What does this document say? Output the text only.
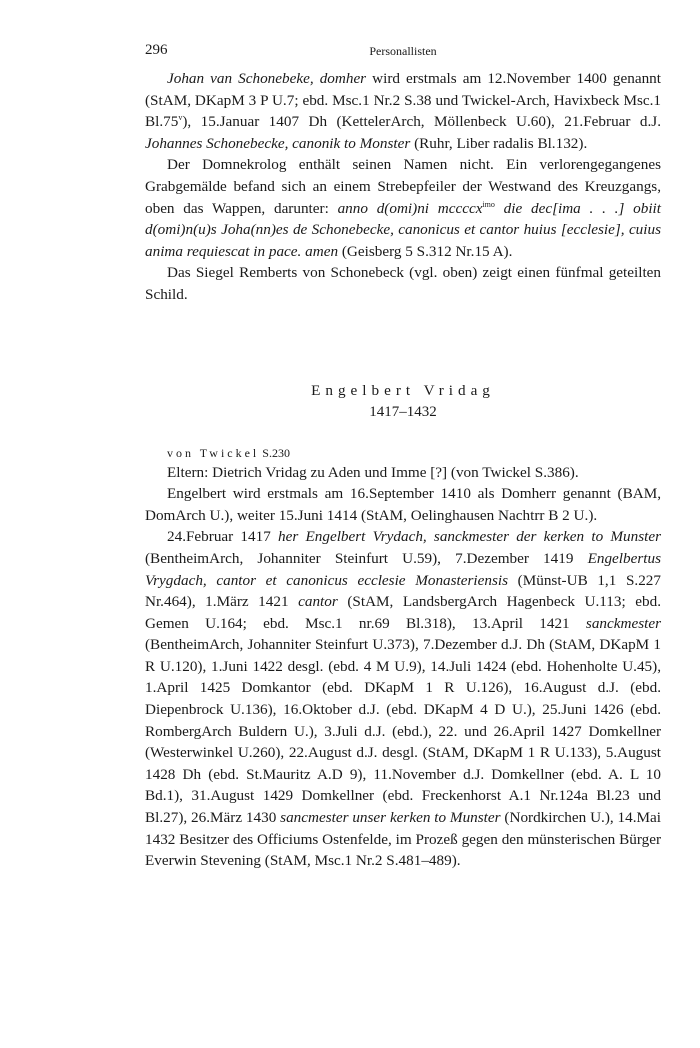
296	Personallisten

Johan van Schonebeke, domher wird erstmals am 12.November 1400 genannt (StAM, DKapM 3 P U.7; ebd. Msc.1 Nr.2 S.38 und Twickel-Arch, Havixbeck Msc.1 Bl.75$^v$), 15.Januar 1407 Dh (KettelerArch, Möllenbeck U.60), 21.Februar d.J. Johannes Schonebecke, canonik to Monster (Ruhr, Liber radalis Bl.132).

Der Domnekrolog enthält seinen Namen nicht. Ein verlorengegangenes Grabgemälde befand sich an einem Strebepfeiler der Westwand des Kreuzgangs, oben das Wappen, darunter: anno d(omi)ni mccccx$^{imo}$ die dec[ima . . .] obiit d(omi)n(u)s Joha(nn)es de Schonebecke, canonicus et cantor huius [ecclesie], cuius anima requiescat in pace. amen (Geisberg 5 S.312 Nr.15 A).

Das Siegel Remberts von Schonebeck (vgl. oben) zeigt einen fünfmal geteilten Schild.

Engelbert Vridag
1417–1432
von Twickel S.230

Eltern: Dietrich Vridag zu Aden und Imme [?] (von Twickel S.386).

Engelbert wird erstmals am 16.September 1410 als Domherr genannt (BAM, DomArch U.), weiter 15.Juni 1414 (StAM, Oelinghausen Nachtrr B 2 U.).

24.Februar 1417 her Engelbert Vrydach, sanckmester der kerken to Munster (BentheimArch, Johanniter Steinfurt U.59), 7.Dezember 1419 Engelbertus Vrygdach, cantor et canonicus ecclesie Monasteriensis (Münst-UB 1,1 S.227 Nr.464), 1.März 1421 cantor (StAM, LandsbergArch Hagenbeck U.113; ebd. Gemen U.164; ebd. Msc.1 nr.69 Bl.318), 13.April 1421 sanckmester (BentheimArch, Johanniter Steinfurt U.373), 7.Dezember d.J. Dh (StAM, DKapM 1 R U.120), 1.Juni 1422 desgl. (ebd. 4 M U.9), 14.Juli 1424 (ebd. Hohenholte U.45), 1.April 1425 Domkantor (ebd. DKapM 1 R U.126), 16.August d.J. (ebd. Diepenbrock U.136), 16.Oktober d.J. (ebd. DKapM 4 D U.), 25.Juni 1426 (ebd. RombergArch Buldern U.), 3.Juli d.J. (ebd.), 22. und 26.April 1427 Domkellner (Westerwinkel U.260), 22.August d.J. desgl. (StAM, DKapM 1 R U.133), 5.August 1428 Dh (ebd. St.Mauritz A.D 9), 11.November d.J. Domkellner (ebd. A. L 10 Bd.1), 31.August 1429 Domkellner (ebd. Freckenhorst A.1 Nr.124a Bl.23 und Bl.27), 26.März 1430 sancmester unser kerken to Munster (Nordkirchen U.), 14.Mai 1432 Besitzer des Officiums Ostenfelde, im Prozeß gegen den münsterischen Bürger Everwin Stevening (StAM, Msc.1 Nr.2 S.481–489).
